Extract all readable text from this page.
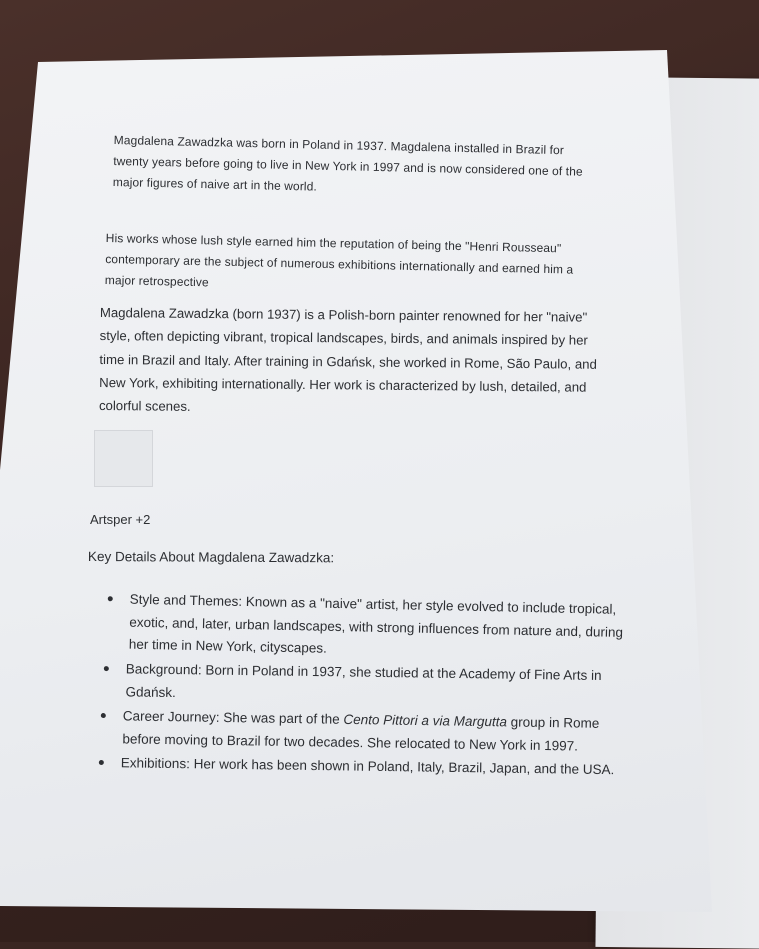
Magdalena Zawadzka was born in Poland in 1937. Magdalena installed in Brazil for twenty years before going to live in New York in 1997 and is now considered one of the major figures of naive art in the world.

His works whose lush style earned him the reputation of being the "Henri Rousseau" contemporary are the subject of numerous exhibitions internationally and earned him a major retrospective

Magdalena Zawadzka (born 1937) is a Polish-born painter renowned for her "naive" style, often depicting vibrant, tropical landscapes, birds, and animals inspired by her time in Brazil and Italy. After training in Gdańsk, she worked in Rome, São Paulo, and New York, exhibiting internationally. Her work is characterized by lush, detailed, and colorful scenes.

Artsper +2

Key Details About Magdalena Zawadzka:

Style and Themes: Known as a "naive" artist, her style evolved to include tropical, exotic, and, later, urban landscapes, with strong influences from nature and, during her time in New York, cityscapes.
Background: Born in Poland in 1937, she studied at the Academy of Fine Arts in Gdańsk.
Career Journey: She was part of the Cento Pittori a via Margutta group in Rome before moving to Brazil for two decades. She relocated to New York in 1997.
Exhibitions: Her work has been shown in Poland, Italy, Brazil, Japan, and the USA.
